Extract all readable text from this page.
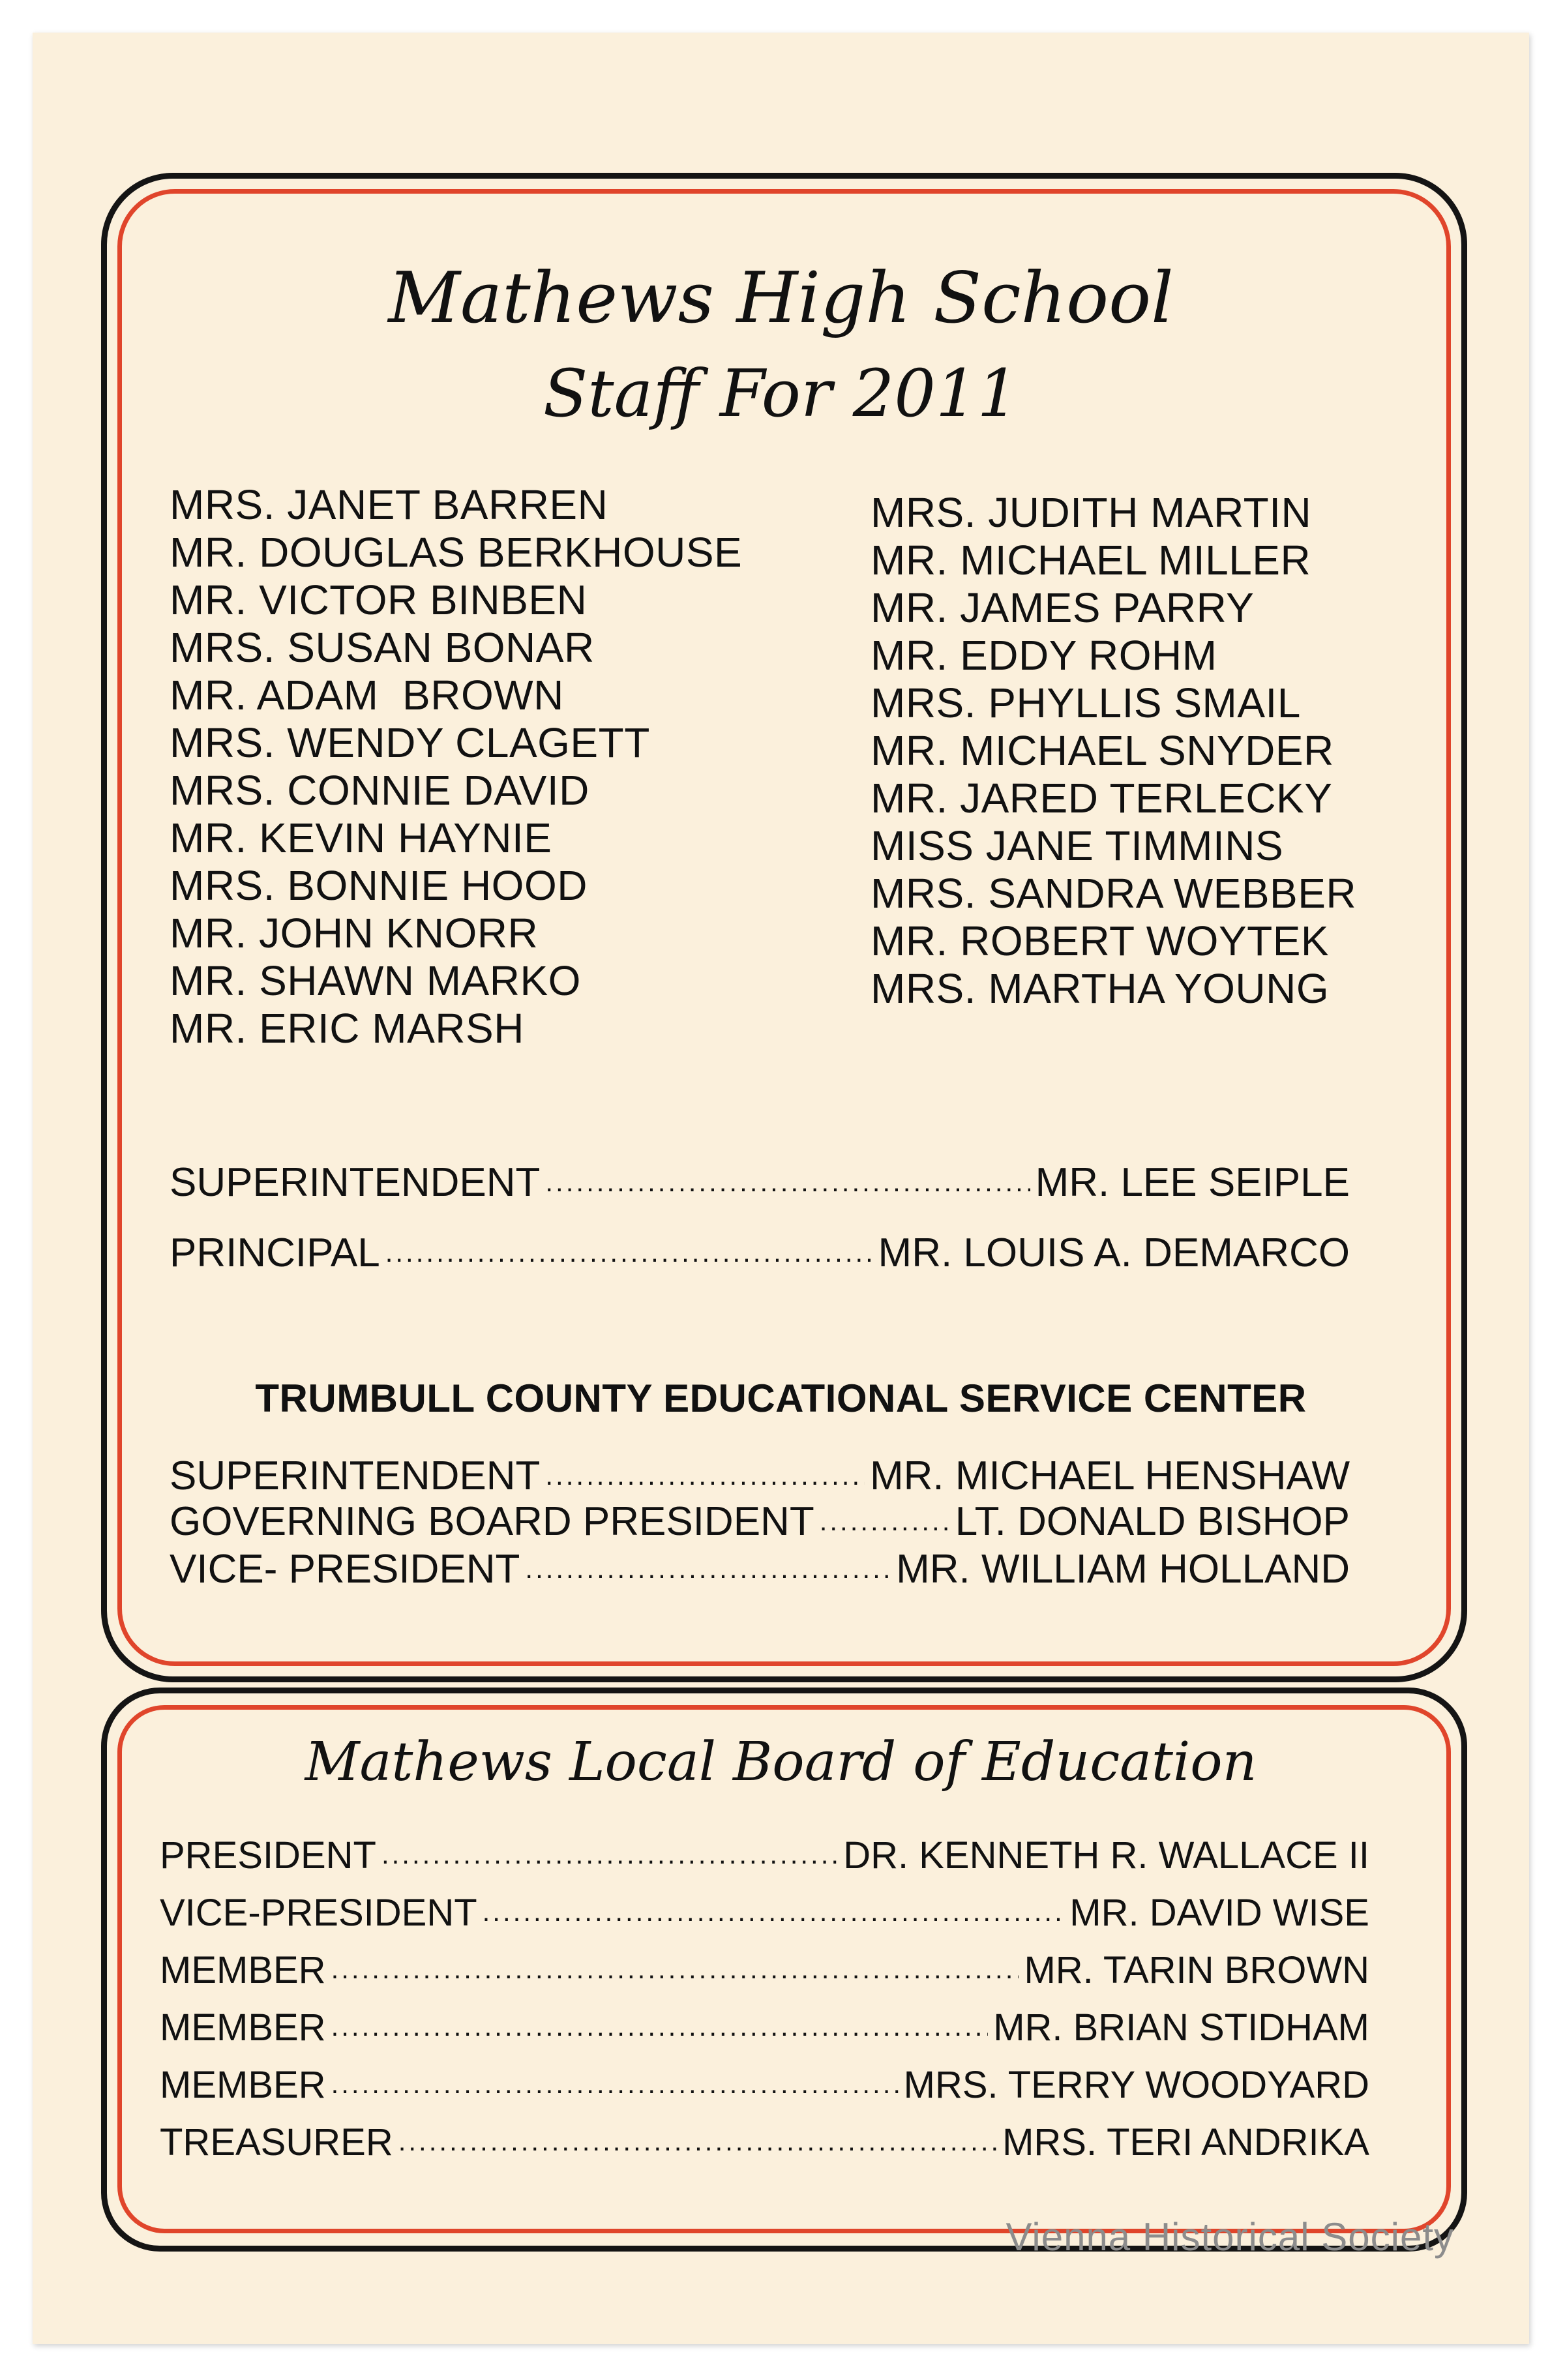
Mathews High School
Staff For 2011
MRS. JANET BARREN
MR. DOUGLAS BERKHOUSE
MR. VICTOR BINBEN
MRS. SUSAN BONAR
MR. ADAM  BROWN
MRS. WENDY CLAGETT
MRS. CONNIE DAVID
MR. KEVIN HAYNIE
MRS. BONNIE HOOD
MR. JOHN KNORR
MR. SHAWN MARKO
MR. ERIC MARSH
MRS. JUDITH MARTIN
MR. MICHAEL MILLER
MR. JAMES PARRY
MR. EDDY ROHM
MRS. PHYLLIS SMAIL
MR. MICHAEL SNYDER
MR. JARED TERLECKY
MISS JANE TIMMINS
MRS. SANDRA WEBBER
MR. ROBERT WOYTEK
MRS. MARTHA YOUNG
SUPERINTENDENT .....	MR. LEE SEIPLE
PRINCIPAL .....	MR. LOUIS A. DEMARCO
TRUMBULL COUNTY EDUCATIONAL SERVICE CENTER
SUPERINTENDENT .....	MR. MICHAEL HENSHAW
GOVERNING BOARD PRESIDENT .....	LT. DONALD BISHOP
VICE- PRESIDENT .....	MR. WILLIAM HOLLAND
Mathews Local Board of Education
PRESIDENT .....	DR. KENNETH R. WALLACE II
VICE-PRESIDENT .....	MR. DAVID WISE
MEMBER .....	MR. TARIN BROWN
MEMBER .....	MR. BRIAN STIDHAM
MEMBER .....	MRS. TERRY WOODYARD
TREASURER .....	MRS. TERI ANDRIKA
Vienna Historical Society
